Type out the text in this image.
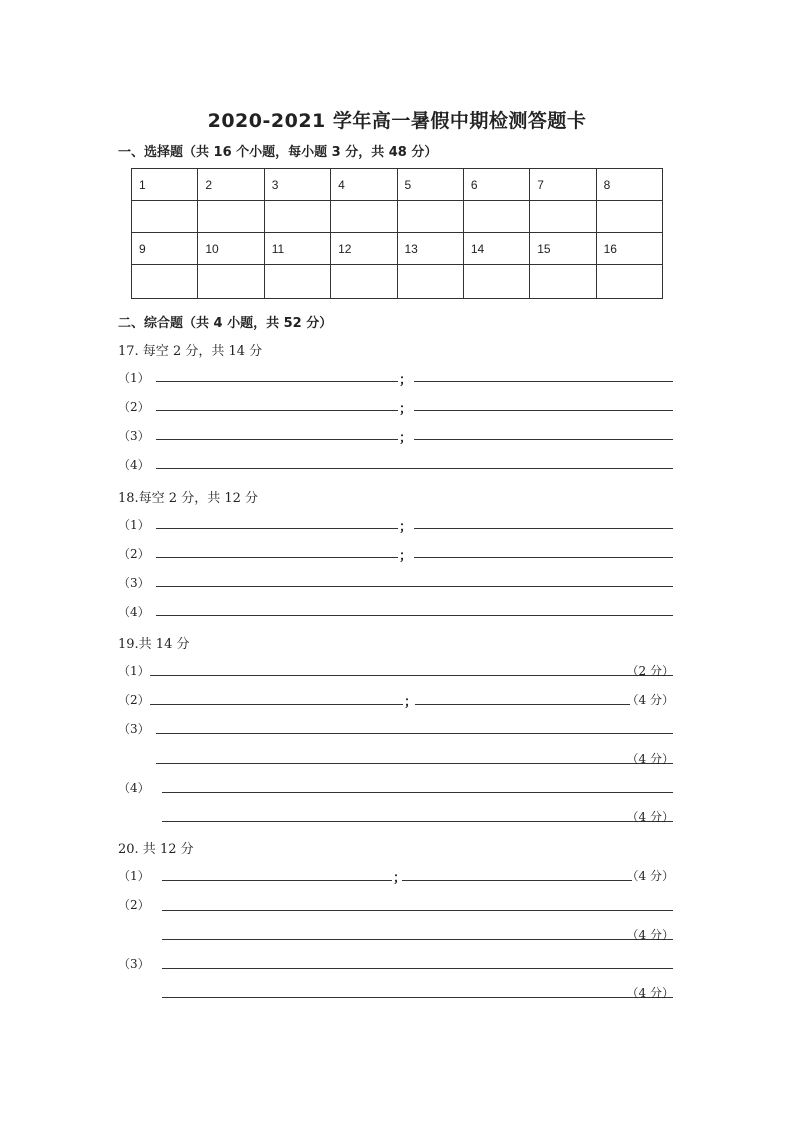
2020-2021 学年高一暑假中期检测答题卡
一、选择题（共 16 个小题，每小题 3 分，共 48 分）
1	2	3	4	5	6	7	8

9	10	11	12	13	14	15	16

二、综合题（共 4 小题，共 52 分）
17. 每空 2 分，共 14 分
（1）	；
（2）	；
（3）	；
（4）
18.每空 2 分，共 12 分
（1）	；
（2）	；
（3）
（4）
19.共 14 分
（1）	（2 分）
（2）	；	（4 分）
（3）
（4 分）
（4）
（4 分）
20. 共 12 分
（1）	；	（4 分）
（2）
（4 分）
（3）
（4 分）
